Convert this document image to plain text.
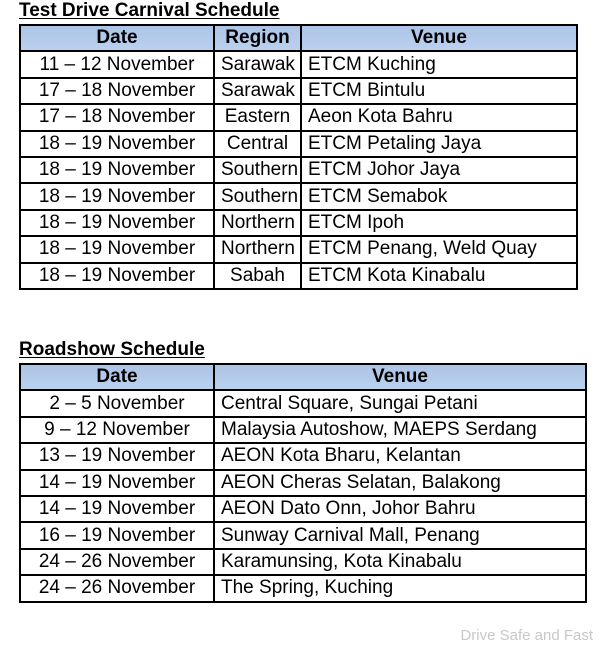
Test Drive Carnival Schedule
Date	Region	Venue
11 – 12 November	Sarawak	ETCM Kuching
17 – 18 November	Sarawak	ETCM Bintulu
17 – 18 November	Eastern	Aeon Kota Bahru
18 – 19 November	Central	ETCM Petaling Jaya
18 – 19 November	Southern	ETCM Johor Jaya
18 – 19 November	Southern	ETCM Semabok
18 – 19 November	Northern	ETCM Ipoh
18 – 19 November	Northern	ETCM Penang, Weld Quay
18 – 19 November	Sabah	ETCM Kota Kinabalu
Roadshow Schedule
Date	Venue
2 – 5 November	Central Square, Sungai Petani
9 – 12 November	Malaysia Autoshow, MAEPS Serdang
13 – 19 November	AEON Kota Bharu, Kelantan
14 – 19 November	AEON Cheras Selatan, Balakong
14 – 19 November	AEON Dato Onn, Johor Bahru
16 – 19 November	Sunway Carnival Mall, Penang
24 – 26 November	Karamunsing, Kota Kinabalu
24 – 26 November	The Spring, Kuching
Drive Safe and Fast
